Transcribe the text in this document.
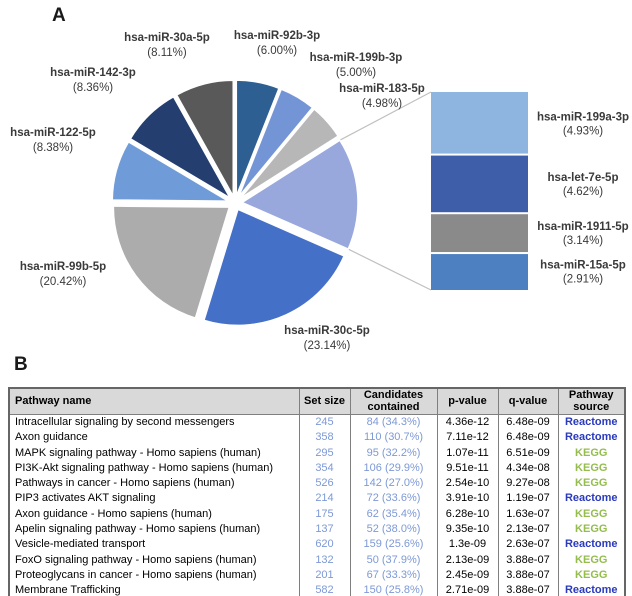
A
hsa-miR-92b-3p
(6.00%)
hsa-miR-199b-3p
(5.00%)
hsa-miR-183-5p
(4.98%)
hsa-miR-30c-5p
(23.14%)
hsa-miR-99b-5p
(20.42%)
hsa-miR-122-5p
(8.38%)
hsa-miR-142-3p
(8.36%)
hsa-miR-30a-5p
(8.11%)
hsa-miR-199a-3p
(4.93%)
hsa-let-7e-5p
(4.62%)
hsa-miR-1911-5p
(3.14%)
hsa-miR-15a-5p
(2.91%)
B
Pathway name	Set size	Candidates contained	p-value	q-value	Pathway source
Intracellular signaling by second messengers	245	84 (34.3%)	4.36e-12	6.48e-09	Reactome
Axon guidance	358	110 (30.7%)	7.11e-12	6.48e-09	Reactome
MAPK signaling pathway - Homo sapiens (human)	295	95 (32.2%)	1.07e-11	6.51e-09	KEGG
PI3K-Akt signaling pathway - Homo sapiens (human)	354	106 (29.9%)	9.51e-11	4.34e-08	KEGG
Pathways in cancer - Homo sapiens (human)	526	142 (27.0%)	2.54e-10	9.27e-08	KEGG
PIP3 activates AKT signaling	214	72 (33.6%)	3.91e-10	1.19e-07	Reactome
Axon guidance - Homo sapiens (human)	175	62 (35.4%)	6.28e-10	1.63e-07	KEGG
Apelin signaling pathway - Homo sapiens (human)	137	52 (38.0%)	9.35e-10	2.13e-07	KEGG
Vesicle-mediated transport	620	159 (25.6%)	1.3e-09	2.63e-07	Reactome
FoxO signaling pathway - Homo sapiens (human)	132	50 (37.9%)	2.13e-09	3.88e-07	KEGG
Proteoglycans in cancer - Homo sapiens (human)	201	67 (33.3%)	2.45e-09	3.88e-07	KEGG
Membrane Trafficking	582	150 (25.8%)	2.71e-09	3.88e-07	Reactome
